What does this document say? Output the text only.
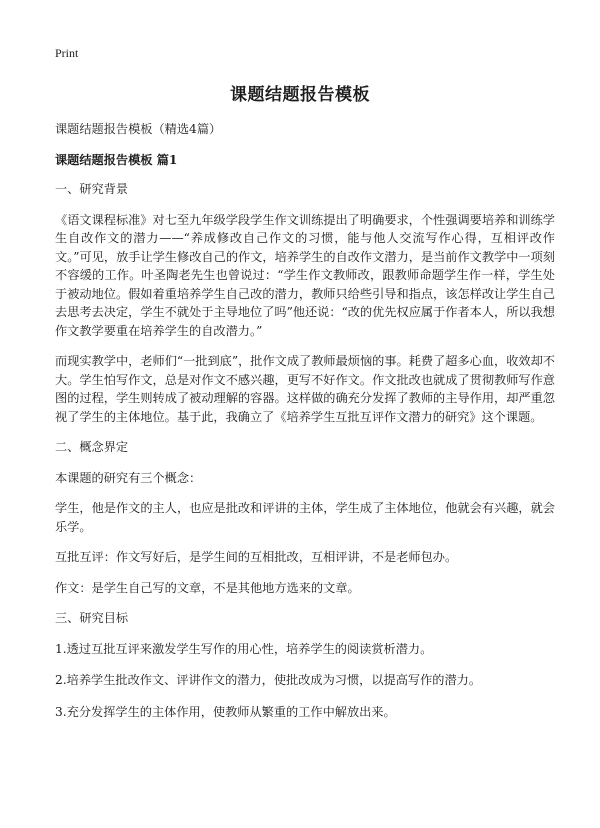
Print
课题结题报告模板

课题结题报告模板（精选4篇）

课题结题报告模板 篇1

一、研究背景

《语文课程标准》对七至九年级学段学生作文训练提出了明确要求，个性强调要培养和训练学生自改作文的潜力——“养成修改自己作文的习惯，能与他人交流写作心得，互相评改作文。”可见，放手让学生修改自己的作文，培养学生的自改作文潜力，是当前作文教学中一项刻不容缓的工作。叶圣陶老先生也曾说过：“学生作文教师改，跟教师命题学生作一样，学生处于被动地位。假如着重培养学生自己改的潜力，教师只给些引导和指点，该怎样改让学生自己去思考去决定，学生不就处于主导地位了吗”他还说：“改的优先权应属于作者本人，所以我想作文教学要重在培养学生的自改潜力。”

而现实教学中，老师们“一批到底”，批作文成了教师最烦恼的事。耗费了超多心血，收效却不大。学生怕写作文，总是对作文不感兴趣，更写不好作文。作文批改也就成了贯彻教师写作意图的过程，学生则转成了被动理解的容器。这样做的确充分发挥了教师的主导作用，却严重忽视了学生的主体地位。基于此，我确立了《培养学生互批互评作文潜力的研究》这个课题。

二、概念界定

本课题的研究有三个概念：

学生，他是作文的主人，也应是批改和评讲的主体，学生成了主体地位，他就会有兴趣，就会乐学。

互批互评：作文写好后，是学生间的互相批改，互相评讲，不是老师包办。

作文：是学生自己写的文章，不是其他地方选来的文章。

三、研究目标

1.透过互批互评来激发学生写作的用心性，培养学生的阅读赏析潜力。

2.培养学生批改作文、评讲作文的潜力，使批改成为习惯，以提高写作的潜力。

3.充分发挥学生的主体作用，使教师从繁重的工作中解放出来。
